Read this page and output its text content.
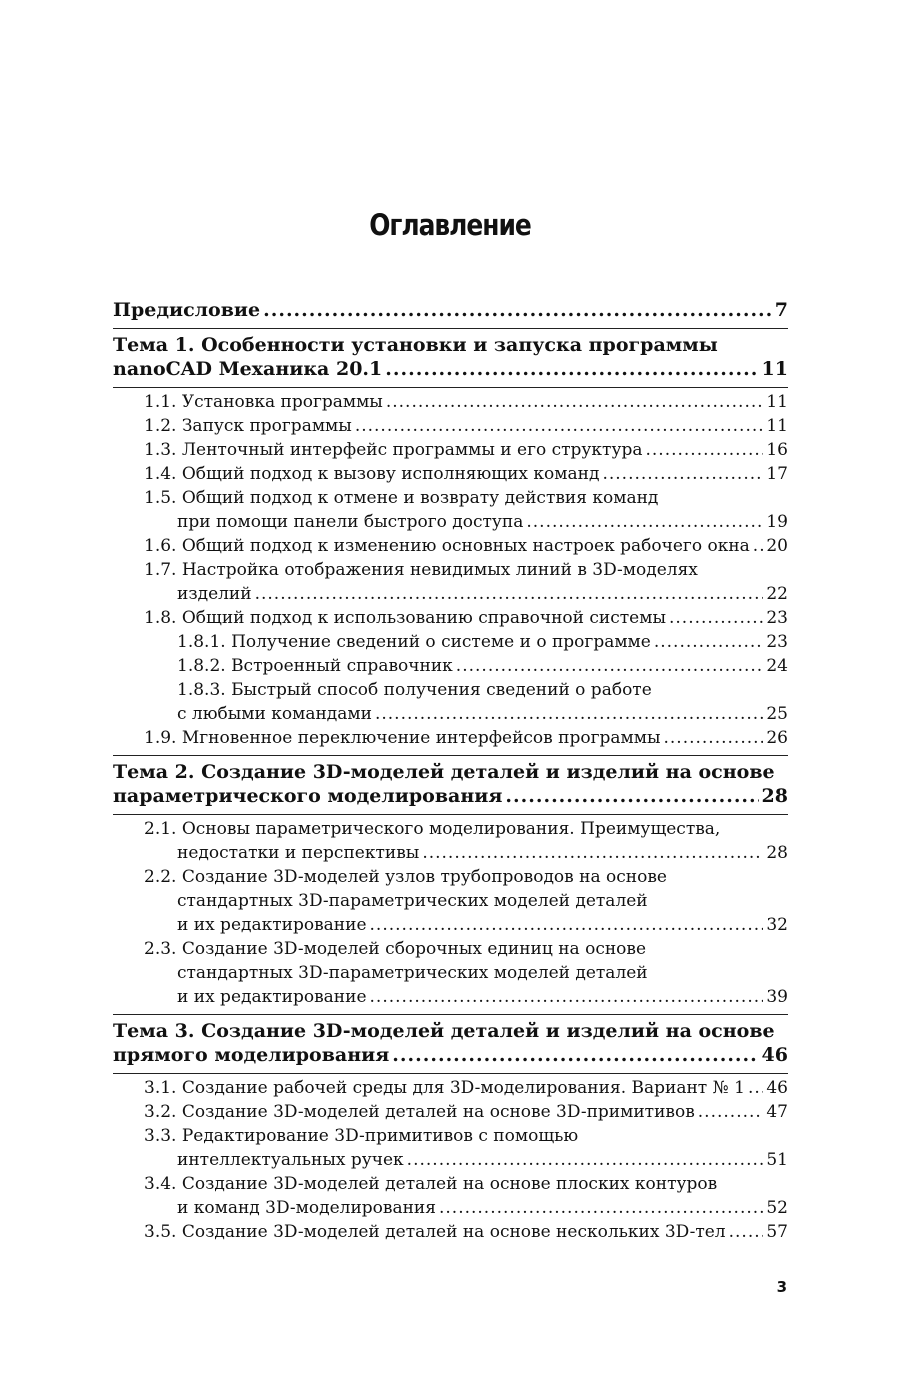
Оглавление
Предисловие .....	7
Тема 1. Особенности установки и запуска программы
nanoCAD Механика 20.1 .....	11
1.1. Установка программы .....	11
1.2. Запуск программы .....	11
1.3. Ленточный интерфейс программы и его структура .....	16
1.4. Общий подход к вызову исполняющих команд .....	17
1.5. Общий подход к отмене и возврату действия команд
при помощи панели быстрого доступа .....	19
1.6. Общий подход к изменению основных настроек рабочего окна ..... 20
1.7. Настройка отображения невидимых линий в 3D-моделях
изделий .....	22
1.8. Общий подход к использованию справочной системы .....	23
1.8.1. Получение сведений о системе и о программе .....	23
1.8.2. Встроенный справочник .....	24
1.8.3. Быстрый способ получения сведений о работе
с любыми командами .....	25
1.9. Мгновенное переключение интерфейсов программы .....	26
Тема 2. Создание 3D-моделей деталей и изделий на основе
параметрического моделирования .....	28
2.1. Основы параметрического моделирования. Преимущества,
недостатки и перспективы .....	28
2.2. Создание 3D-моделей узлов трубопроводов на основе
стандартных 3D-параметрических моделей деталей
и их редактирование .....	32
2.3. Создание 3D-моделей сборочных единиц на основе
стандартных 3D-параметрических моделей деталей
и их редактирование .....	39
Тема 3. Создание 3D-моделей деталей и изделий на основе
прямого моделирования .....	46
3.1. Создание рабочей среды для 3D-моделирования. Вариант № 1 ..... 46
3.2. Создание 3D-моделей деталей на основе 3D-примитивов .....	47
3.3. Редактирование 3D-примитивов с помощью
интеллектуальных ручек .....	51
3.4. Создание 3D-моделей деталей на основе плоских контуров
и команд 3D-моделирования .....	52
3.5. Создание 3D-моделей деталей на основе нескольких 3D-тел ..... 57
3
